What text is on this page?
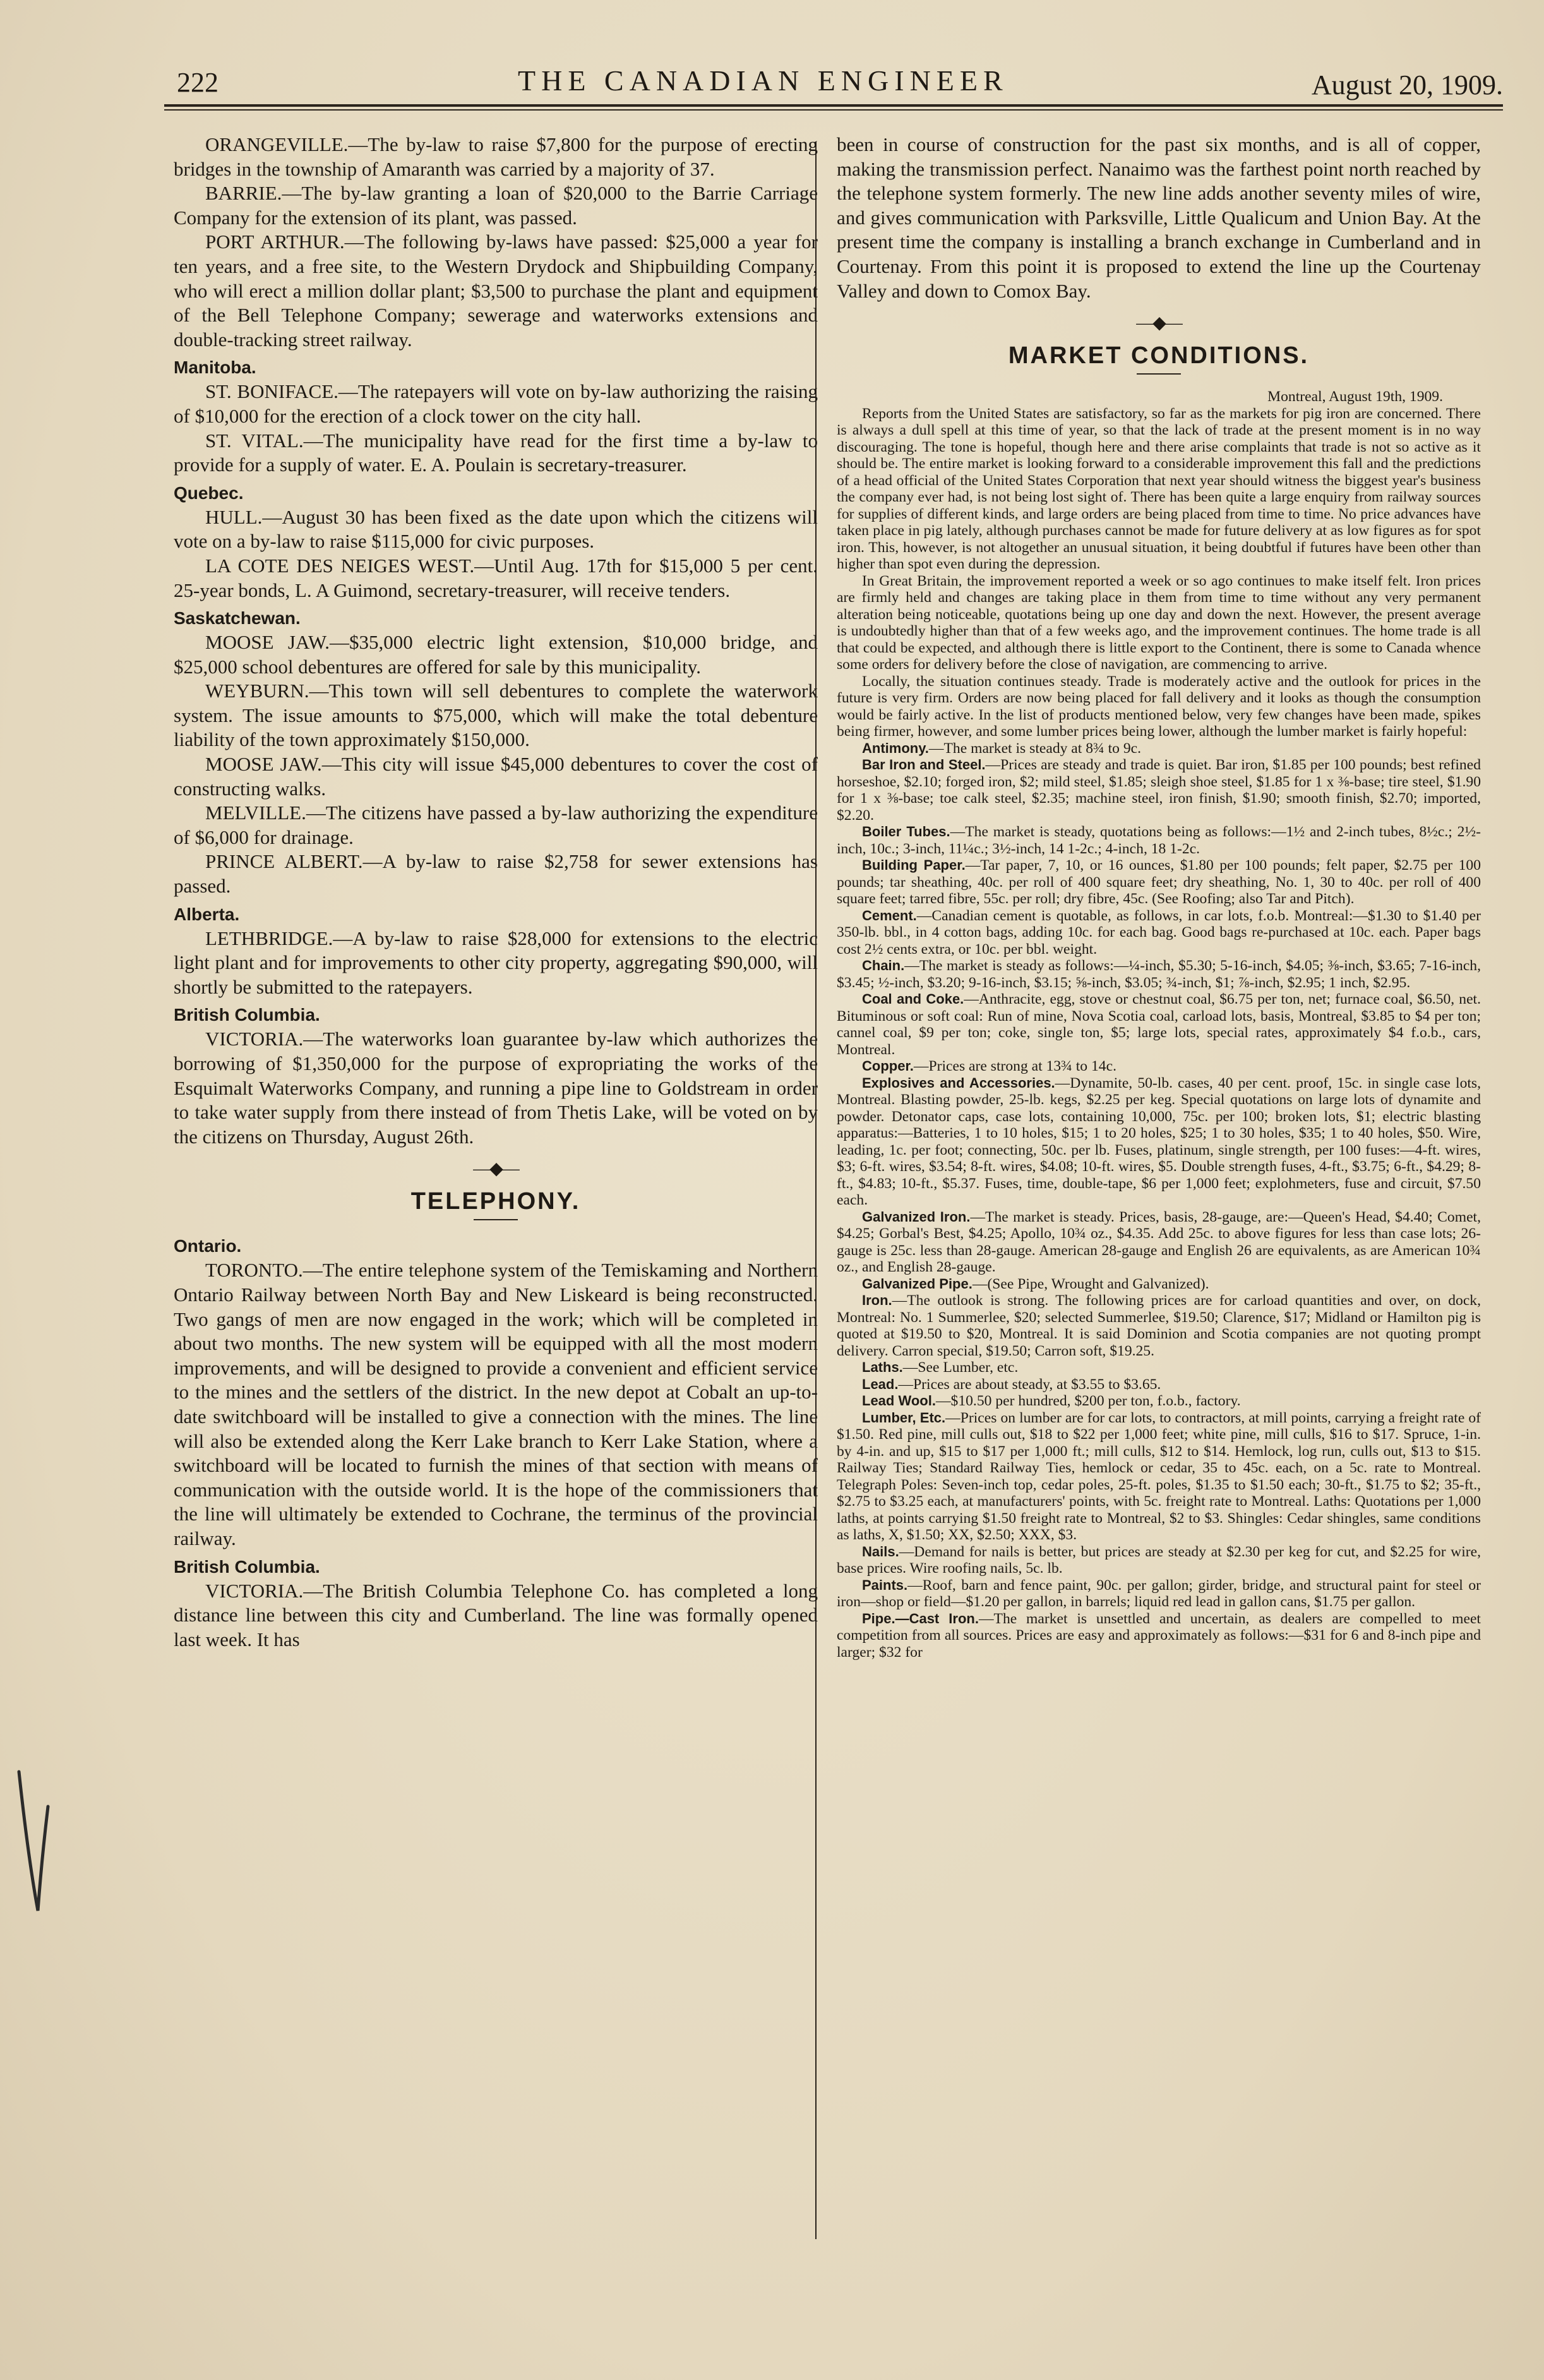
222	THE CANADIAN ENGINEER	August 20, 1909.

ORANGEVILLE.—The by-law to raise $7,800 for the purpose of erecting bridges in the township of Amaranth was carried by a majority of 37.

BARRIE.—The by-law granting a loan of $20,000 to the Barrie Carriage Company for the extension of its plant, was passed.

PORT ARTHUR.—The following by-laws have passed: $25,000 a year for ten years, and a free site, to the Western Drydock and Shipbuilding Company, who will erect a million dollar plant; $3,500 to purchase the plant and equipment of the Bell Telephone Company; sewerage and waterworks extensions and double-tracking street railway.

Manitoba.

ST. BONIFACE.—The ratepayers will vote on by-law authorizing the raising of $10,000 for the erection of a clock tower on the city hall.

ST. VITAL.—The municipality have read for the first time a by-law to provide for a supply of water. E. A. Poulain is secretary-treasurer.

Quebec.

HULL.—August 30 has been fixed as the date upon which the citizens will vote on a by-law to raise $115,000 for civic purposes.

LA COTE DES NEIGES WEST.—Until Aug. 17th for $15,000 5 per cent. 25-year bonds, L. A Guimond, secretary-treasurer, will receive tenders.

Saskatchewan.

MOOSE JAW.—$35,000 electric light extension, $10,000 bridge, and $25,000 school debentures are offered for sale by this municipality.

WEYBURN.—This town will sell debentures to complete the waterwork system. The issue amounts to $75,000, which will make the total debenture liability of the town approximately $150,000.

MOOSE JAW.—This city will issue $45,000 debentures to cover the cost of constructing walks.

MELVILLE.—The citizens have passed a by-law authorizing the expenditure of $6,000 for drainage.

PRINCE ALBERT.—A by-law to raise $2,758 for sewer extensions has passed.

Alberta.

LETHBRIDGE.—A by-law to raise $28,000 for extensions to the electric light plant and for improvements to other city property, aggregating $90,000, will shortly be submitted to the ratepayers.

British Columbia.

VICTORIA.—The waterworks loan guarantee by-law which authorizes the borrowing of $1,350,000 for the purpose of expropriating the works of the Esquimalt Waterworks Company, and running a pipe line to Goldstream in order to take water supply from there instead of from Thetis Lake, will be voted on by the citizens on Thursday, August 26th.

—◆—
TELEPHONY.

Ontario.

TORONTO.—The entire telephone system of the Temiskaming and Northern Ontario Railway between North Bay and New Liskeard is being reconstructed. Two gangs of men are now engaged in the work; which will be completed in about two months. The new system will be equipped with all the most modern improvements, and will be designed to provide a convenient and efficient service to the mines and the settlers of the district. In the new depot at Cobalt an up-to-date switchboard will be installed to give a connection with the mines. The line will also be extended along the Kerr Lake branch to Kerr Lake Station, where a switchboard will be located to furnish the mines of that section with means of communication with the outside world. It is the hope of the commissioners that the line will ultimately be extended to Cochrane, the terminus of the provincial railway.

British Columbia.

VICTORIA.—The British Columbia Telephone Co. has completed a long distance line between this city and Cumberland. The line was formally opened last week. It has

been in course of construction for the past six months, and is all of copper, making the transmission perfect. Nanaimo was the farthest point north reached by the telephone system formerly. The new line adds another seventy miles of wire, and gives communication with Parksville, Little Qualicum and Union Bay. At the present time the company is installing a branch exchange in Cumberland and in Courtenay. From this point it is proposed to extend the line up the Courtenay Valley and down to Comox Bay.

—◆—
MARKET CONDITIONS.

Montreal, August 19th, 1909.

Reports from the United States are satisfactory, so far as the markets for pig iron are concerned. There is always a dull spell at this time of year, so that the lack of trade at the present moment is in no way discouraging. The tone is hopeful, though here and there arise complaints that trade is not so active as it should be. The entire market is looking forward to a considerable improvement this fall and the predictions of a head official of the United States Corporation that next year should witness the biggest year's business the company ever had, is not being lost sight of. There has been quite a large enquiry from railway sources for supplies of different kinds, and large orders are being placed from time to time. No price advances have taken place in pig lately, although purchases cannot be made for future delivery at as low figures as for spot iron. This, however, is not altogether an unusual situation, it being doubtful if futures have been other than higher than spot even during the depression.

In Great Britain, the improvement reported a week or so ago continues to make itself felt. Iron prices are firmly held and changes are taking place in them from time to time without any very permanent alteration being noticeable, quotations being up one day and down the next. However, the present average is undoubtedly higher than that of a few weeks ago, and the improvement continues. The home trade is all that could be expected, and although there is little export to the Continent, there is some to Canada whence some orders for delivery before the close of navigation, are commencing to arrive.

Locally, the situation continues steady. Trade is moderately active and the outlook for prices in the future is very firm. Orders are now being placed for fall delivery and it looks as though the consumption would be fairly active. In the list of products mentioned below, very few changes have been made, spikes being firmer, however, and some lumber prices being lower, although the lumber market is fairly hopeful:

Antimony.—The market is steady at 8¾ to 9c.

Bar Iron and Steel.—Prices are steady and trade is quiet. Bar iron, $1.85 per 100 pounds; best refined horseshoe, $2.10; forged iron, $2; mild steel, $1.85; sleigh shoe steel, $1.85 for 1 x ⅜-base; tire steel, $1.90 for 1 x ⅜-base; toe calk steel, $2.35; machine steel, iron finish, $1.90; smooth finish, $2.70; imported, $2.20.

Boiler Tubes.—The market is steady, quotations being as follows:—1½ and 2-inch tubes, 8½c.; 2½-inch, 10c.; 3-inch, 11¼c.; 3½-inch, 14 1-2c.; 4-inch, 18 1-2c.

Building Paper.—Tar paper, 7, 10, or 16 ounces, $1.80 per 100 pounds; felt paper, $2.75 per 100 pounds; tar sheathing, 40c. per roll of 400 square feet; dry sheathing, No. 1, 30 to 40c. per roll of 400 square feet; tarred fibre, 55c. per roll; dry fibre, 45c. (See Roofing; also Tar and Pitch).

Cement.—Canadian cement is quotable, as follows, in car lots, f.o.b. Montreal:—$1.30 to $1.40 per 350-lb. bbl., in 4 cotton bags, adding 10c. for each bag. Good bags re-purchased at 10c. each. Paper bags cost 2½ cents extra, or 10c. per bbl. weight.

Chain.—The market is steady as follows:—¼-inch, $5.30; 5-16-inch, $4.05; ⅜-inch, $3.65; 7-16-inch, $3.45; ½-inch, $3.20; 9-16-inch, $3.15; ⅝-inch, $3.05; ¾-inch, $1; ⅞-inch, $2.95; 1 inch, $2.95.

Coal and Coke.—Anthracite, egg, stove or chestnut coal, $6.75 per ton, net; furnace coal, $6.50, net. Bituminous or soft coal: Run of mine, Nova Scotia coal, carload lots, basis, Montreal, $3.85 to $4 per ton; cannel coal, $9 per ton; coke, single ton, $5; large lots, special rates, approximately $4 f.o.b., cars, Montreal.

Copper.—Prices are strong at 13¾ to 14c.

Explosives and Accessories.—Dynamite, 50-lb. cases, 40 per cent. proof, 15c. in single case lots, Montreal. Blasting powder, 25-lb. kegs, $2.25 per keg. Special quotations on large lots of dynamite and powder. Detonator caps, case lots, containing 10,000, 75c. per 100; broken lots, $1; electric blasting apparatus:—Batteries, 1 to 10 holes, $15; 1 to 20 holes, $25; 1 to 30 holes, $35; 1 to 40 holes, $50. Wire, leading, 1c. per foot; connecting, 50c. per lb. Fuses, platinum, single strength, per 100 fuses:—4-ft. wires, $3; 6-ft. wires, $3.54; 8-ft. wires, $4.08; 10-ft. wires, $5. Double strength fuses, 4-ft., $3.75; 6-ft., $4.29; 8-ft., $4.83; 10-ft., $5.37. Fuses, time, double-tape, $6 per 1,000 feet; explohmeters, fuse and circuit, $7.50 each.

Galvanized Iron.—The market is steady. Prices, basis, 28-gauge, are:—Queen's Head, $4.40; Comet, $4.25; Gorbal's Best, $4.25; Apollo, 10¾ oz., $4.35. Add 25c. to above figures for less than case lots; 26-gauge is 25c. less than 28-gauge. American 28-gauge and English 26 are equivalents, as are American 10¾ oz., and English 28-gauge.

Galvanized Pipe.—(See Pipe, Wrought and Galvanized).

Iron.—The outlook is strong. The following prices are for carload quantities and over, on dock, Montreal: No. 1 Summerlee, $20; selected Summerlee, $19.50; Clarence, $17; Midland or Hamilton pig is quoted at $19.50 to $20, Montreal. It is said Dominion and Scotia companies are not quoting prompt delivery. Carron special, $19.50; Carron soft, $19.25.

Laths.—See Lumber, etc.

Lead.—Prices are about steady, at $3.55 to $3.65.

Lead Wool.—$10.50 per hundred, $200 per ton, f.o.b., factory.

Lumber, Etc.—Prices on lumber are for car lots, to contractors, at mill points, carrying a freight rate of $1.50. Red pine, mill culls out, $18 to $22 per 1,000 feet; white pine, mill culls, $16 to $17. Spruce, 1-in. by 4-in. and up, $15 to $17 per 1,000 ft.; mill culls, $12 to $14. Hemlock, log run, culls out, $13 to $15. Railway Ties; Standard Railway Ties, hemlock or cedar, 35 to 45c. each, on a 5c. rate to Montreal. Telegraph Poles: Seven-inch top, cedar poles, 25-ft. poles, $1.35 to $1.50 each; 30-ft., $1.75 to $2; 35-ft., $2.75 to $3.25 each, at manufacturers' points, with 5c. freight rate to Montreal. Laths: Quotations per 1,000 laths, at points carrying $1.50 freight rate to Montreal, $2 to $3. Shingles: Cedar shingles, same conditions as laths, X, $1.50; XX, $2.50; XXX, $3.

Nails.—Demand for nails is better, but prices are steady at $2.30 per keg for cut, and $2.25 for wire, base prices. Wire roofing nails, 5c. lb.

Paints.—Roof, barn and fence paint, 90c. per gallon; girder, bridge, and structural paint for steel or iron—shop or field—$1.20 per gallon, in barrels; liquid red lead in gallon cans, $1.75 per gallon.

Pipe.—Cast Iron.—The market is unsettled and uncertain, as dealers are compelled to meet competition from all sources. Prices are easy and approximately as follows:—$31 for 6 and 8-inch pipe and larger; $32 for
